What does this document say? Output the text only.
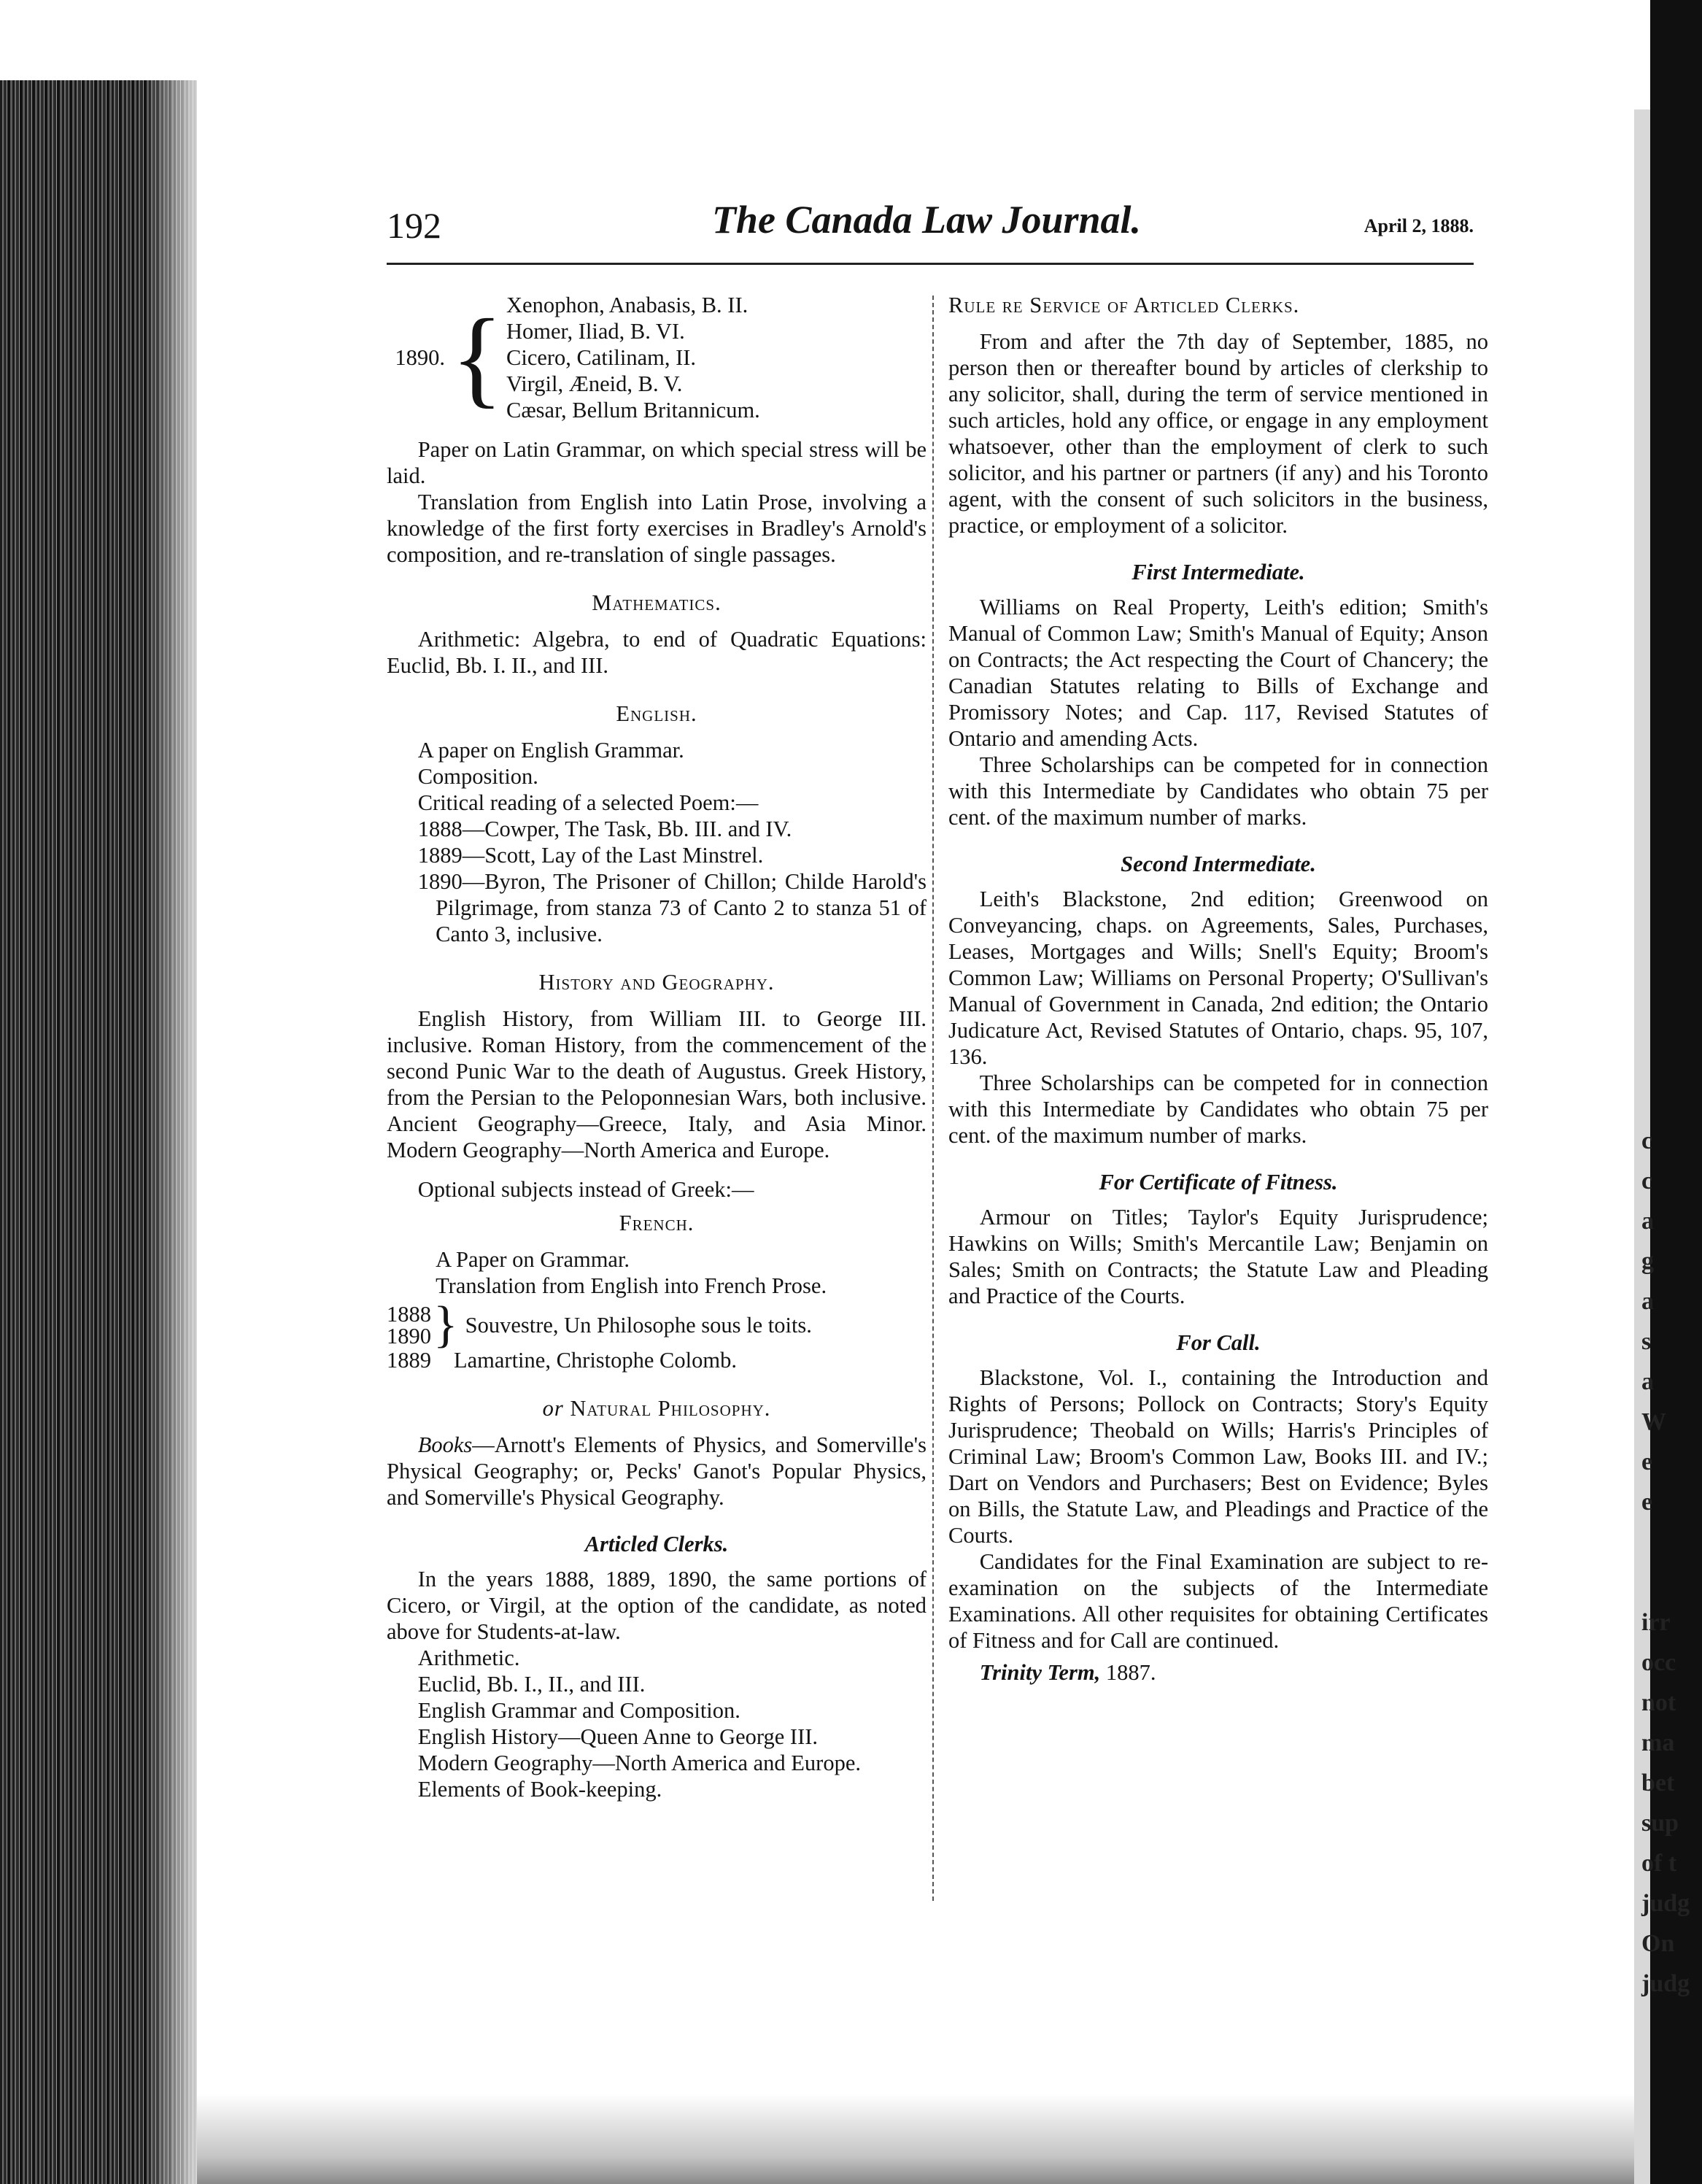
192	The Canada Law Journal.	April 2, 1888.
1890. { Xenophon, Anabasis, B. II.
Homer, Iliad, B. VI.
Cicero, Catilinam, II.
Virgil, Æneid, B. V.
Cæsar, Bellum Britannicum.

Paper on Latin Grammar, on which special stress will be laid.

Translation from English into Latin Prose, involving a knowledge of the first forty exercises in Bradley's Arnold's composition, and re-translation of single passages.

Mathematics.

Arithmetic: Algebra, to end of Quadratic Equations: Euclid, Bb. I. II., and III.

English.

A paper on English Grammar.

Composition.

Critical reading of a selected Poem:—

1888—Cowper, The Task, Bb. III. and IV.

1889—Scott, Lay of the Last Minstrel.

1890—Byron, The Prisoner of Chillon; Childe Harold's Pilgrimage, from stanza 73 of Canto 2 to stanza 51 of Canto 3, inclusive.

History and Geography.

English History, from William III. to George III. inclusive. Roman History, from the commencement of the second Punic War to the death of Augustus. Greek History, from the Persian to the Peloponnesian Wars, both inclusive. Ancient Geography—Greece, Italy, and Asia Minor. Modern Geography—North America and Europe.

Optional subjects instead of Greek:—

French.

A Paper on Grammar.

Translation from English into French Prose.

1888
1890 } Souvestre, Un Philosophe sous le toits.
1889	Lamartine, Christophe Colomb.
or Natural Philosophy.

Books—Arnott's Elements of Physics, and Somerville's Physical Geography; or, Pecks' Ganot's Popular Physics, and Somerville's Physical Geography.

Articled Clerks.

In the years 1888, 1889, 1890, the same portions of Cicero, or Virgil, at the option of the candidate, as noted above for Students-at-law.

Arithmetic.

Euclid, Bb. I., II., and III.

English Grammar and Composition.

English History—Queen Anne to George III.

Modern Geography—North America and Europe.

Elements of Book-keeping.

Rule re Service of Articled Clerks.

From and after the 7th day of September, 1885, no person then or thereafter bound by articles of clerkship to any solicitor, shall, during the term of service mentioned in such articles, hold any office, or engage in any employment whatsoever, other than the employment of clerk to such solicitor, and his partner or partners (if any) and his Toronto agent, with the consent of such solicitors in the business, practice, or employment of a solicitor.

First Intermediate.

Williams on Real Property, Leith's edition; Smith's Manual of Common Law; Smith's Manual of Equity; Anson on Contracts; the Act respecting the Court of Chancery; the Canadian Statutes relating to Bills of Exchange and Promissory Notes; and Cap. 117, Revised Statutes of Ontario and amending Acts.

Three Scholarships can be competed for in connection with this Intermediate by Candidates who obtain 75 per cent. of the maximum number of marks.

Second Intermediate.

Leith's Blackstone, 2nd edition; Greenwood on Conveyancing, chaps. on Agreements, Sales, Purchases, Leases, Mortgages and Wills; Snell's Equity; Broom's Common Law; Williams on Personal Property; O'Sullivan's Manual of Government in Canada, 2nd edition; the Ontario Judicature Act, Revised Statutes of Ontario, chaps. 95, 107, 136.

Three Scholarships can be competed for in connection with this Intermediate by Candidates who obtain 75 per cent. of the maximum number of marks.

For Certificate of Fitness.

Armour on Titles; Taylor's Equity Jurisprudence; Hawkins on Wills; Smith's Mercantile Law; Benjamin on Sales; Smith on Contracts; the Statute Law and Pleading and Practice of the Courts.

For Call.

Blackstone, Vol. I., containing the Introduction and Rights of Persons; Pollock on Contracts; Story's Equity Jurisprudence; Theobald on Wills; Harris's Principles of Criminal Law; Broom's Common Law, Books III. and IV.; Dart on Vendors and Purchasers; Best on Evidence; Byles on Bills, the Statute Law, and Pleadings and Practice of the Courts.

Candidates for the Final Examination are subject to re-examination on the subjects of the Intermediate Examinations. All other requisites for obtaining Certificates of Fitness and for Call are continued.

Trinity Term, 1887.

c
c
a
g
a
s
a
W
e
e
irr
occ
not
ma
bet
sup
of t
judg
On
judg
